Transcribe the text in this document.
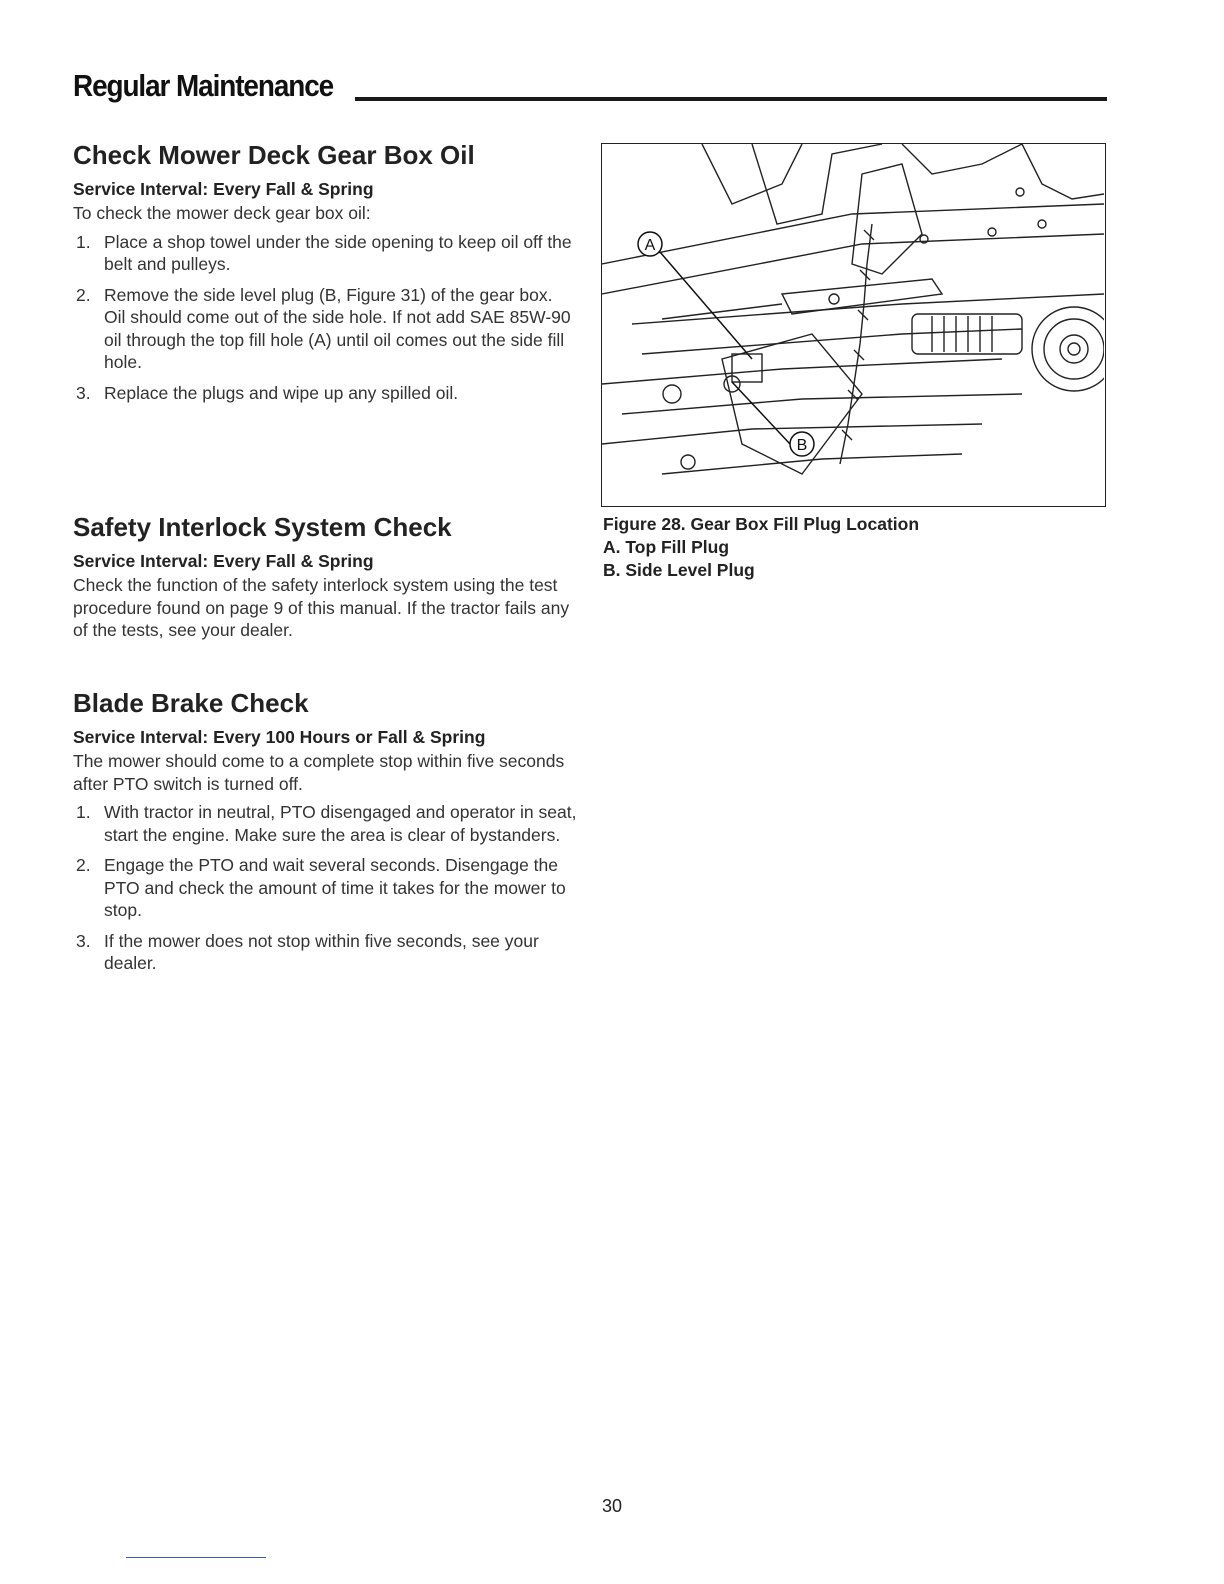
Regular Maintenance
Check Mower Deck Gear Box Oil
Service Interval: Every Fall & Spring

To check the mower deck gear box oil:

1. Place a shop towel under the side opening to keep oil off the belt and pulleys.
2. Remove the side level plug (B, Figure 31) of the gear box. Oil should come out of the side hole. If not add SAE 85W-90 oil through the top fill hole (A) until oil comes out the side fill hole.
3. Replace the plugs and wipe up any spilled oil.
Safety Interlock System Check
Service Interval: Every Fall & Spring

Check the function of the safety interlock system using the test procedure found on page 9 of this manual. If the tractor fails any of the tests, see your dealer.

Blade Brake Check
Service Interval: Every 100 Hours or Fall & Spring

The mower should come to a complete stop within five seconds after PTO switch is turned off.

1. With tractor in neutral, PTO disengaged and operator in seat, start the engine. Make sure the area is clear of bystanders.
2. Engage the PTO and wait several seconds. Disengage the PTO and check the amount of time it takes for the mower to stop.
3. If the mower does not stop within five seconds, see your dealer.
A
B
Figure 28. Gear Box Fill Plug Location
A. Top Fill Plug
B. Side Level Plug
30
